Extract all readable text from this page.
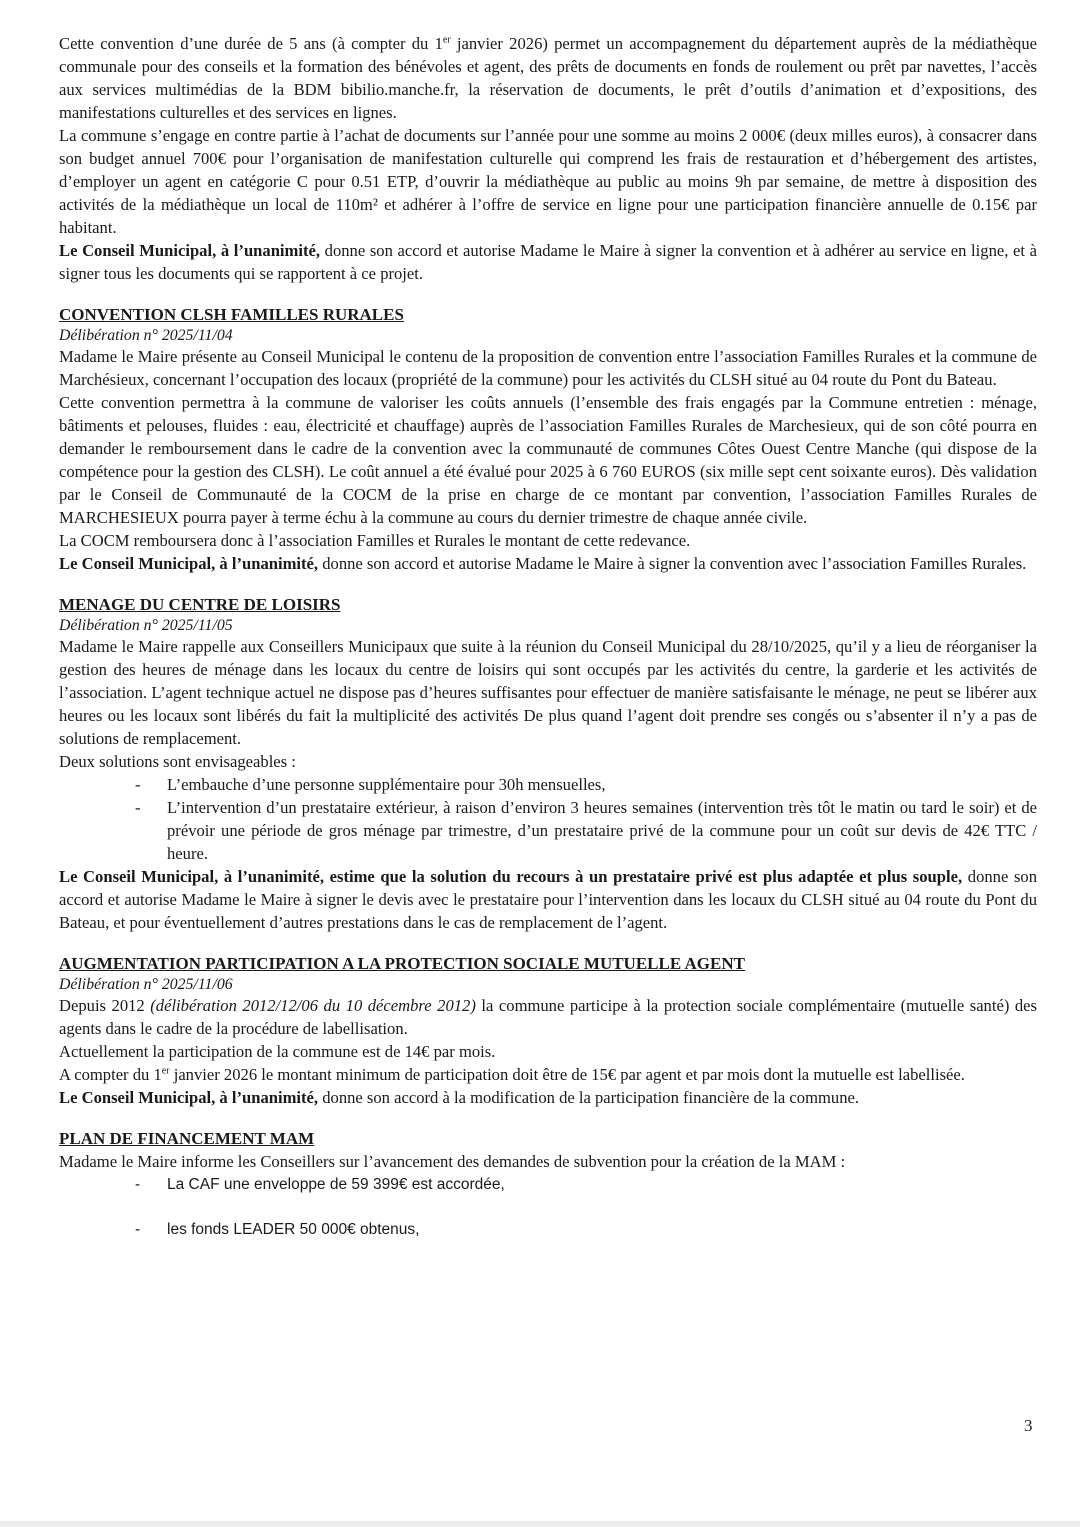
Cette convention d’une durée de 5 ans (à compter du 1er janvier 2026) permet un accompagnement du département auprès de la médiathèque communale pour des conseils et la formation des bénévoles et agent, des prêts de documents en fonds de roulement ou prêt par navettes, l’accès aux services multimédias de la BDM bibilio.manche.fr, la réservation de documents, le prêt d’outils d’animation et d’expositions, des manifestations culturelles et des services en lignes.

La commune s’engage en contre partie à l’achat de documents sur l’année pour une somme au moins 2 000€ (deux milles euros), à consacrer dans son budget annuel 700€ pour l’organisation de manifestation culturelle qui comprend les frais de restauration et d’hébergement des artistes, d’employer un agent en catégorie C pour 0.51 ETP, d’ouvrir la médiathèque au public au moins 9h par semaine, de mettre à disposition des activités de la médiathèque un local de 110m² et adhérer à l’offre de service en ligne pour une participation financière annuelle de 0.15€ par habitant.

Le Conseil Municipal, à l’unanimité, donne son accord et autorise Madame le Maire à signer la convention et à adhérer au service en ligne, et à signer tous les documents qui se rapportent à ce projet.

CONVENTION CLSH FAMILLES RURALES
Délibération n° 2025/11/04

Madame le Maire présente au Conseil Municipal le contenu de la proposition de convention entre l’association Familles Rurales et la commune de Marchésieux, concernant l’occupation des locaux (propriété de la commune) pour les activités du CLSH situé au 04 route du Pont du Bateau.

Cette convention permettra à la commune de valoriser les coûts annuels (l’ensemble des frais engagés par la Commune entretien : ménage, bâtiments et pelouses, fluides : eau, électricité et chauffage) auprès de l’association Familles Rurales de Marchesieux, qui de son côté pourra en demander le remboursement dans le cadre de la convention avec la communauté de communes Côtes Ouest Centre Manche (qui dispose de la compétence pour la gestion des CLSH). Le coût annuel a été évalué pour 2025 à 6 760 EUROS (six mille sept cent soixante euros). Dès validation par le Conseil de Communauté de la COCM de la prise en charge de ce montant par convention, l’association Familles Rurales de MARCHESIEUX pourra payer à terme échu à la commune au cours du dernier trimestre de chaque année civile.

La COCM remboursera donc à l’association Familles et Rurales le montant de cette redevance.

Le Conseil Municipal, à l’unanimité, donne son accord et autorise Madame le Maire à signer la convention avec l’association Familles Rurales.

MENAGE DU CENTRE DE LOISIRS
Délibération n° 2025/11/05

Madame le Maire rappelle aux Conseillers Municipaux que suite à la réunion du Conseil Municipal du 28/10/2025, qu’il y a lieu de réorganiser la gestion des heures de ménage dans les locaux du centre de loisirs qui sont occupés par les activités du centre, la garderie et les activités de l’association. L’agent technique actuel ne dispose pas d’heures suffisantes pour effectuer de manière satisfaisante le ménage, ne peut se libérer aux heures ou les locaux sont libérés du fait la multiplicité des activités De plus quand l’agent doit prendre ses congés ou s’absenter il n’y a pas de solutions de remplacement.

Deux solutions sont envisageables :

- L’embauche d’une personne supplémentaire pour 30h mensuelles,
- L’intervention d’un prestataire extérieur, à raison d’environ 3 heures semaines (intervention très tôt le matin ou tard le soir) et de prévoir une période de gros ménage par trimestre, d’un prestataire privé de la commune pour un coût sur devis de 42€ TTC / heure.

Le Conseil Municipal, à l’unanimité, estime que la solution du recours à un prestataire privé est plus adaptée et plus souple, donne son accord et autorise Madame le Maire à signer le devis avec le prestataire pour l’intervention dans les locaux du CLSH situé au 04 route du Pont du Bateau, et pour éventuellement d’autres prestations dans le cas de remplacement de l’agent.

AUGMENTATION PARTICIPATION A LA PROTECTION SOCIALE MUTUELLE AGENT
Délibération n° 2025/11/06

Depuis 2012 (délibération 2012/12/06 du 10 décembre 2012) la commune participe à la protection sociale complémentaire (mutuelle santé) des agents dans le cadre de la procédure de labellisation.

Actuellement la participation de la commune est de 14€ par mois.

A compter du 1er janvier 2026 le montant minimum de participation doit être de 15€ par agent et par mois dont la mutuelle est labellisée.

Le Conseil Municipal, à l’unanimité, donne son accord à la modification de la participation financière de la commune.

PLAN DE FINANCEMENT MAM

Madame le Maire informe les Conseillers sur l’avancement des demandes de subvention pour la création de la MAM :

- La CAF une enveloppe de 59 399€ est accordée,
- les fonds LEADER 50 000€ obtenus,
3
